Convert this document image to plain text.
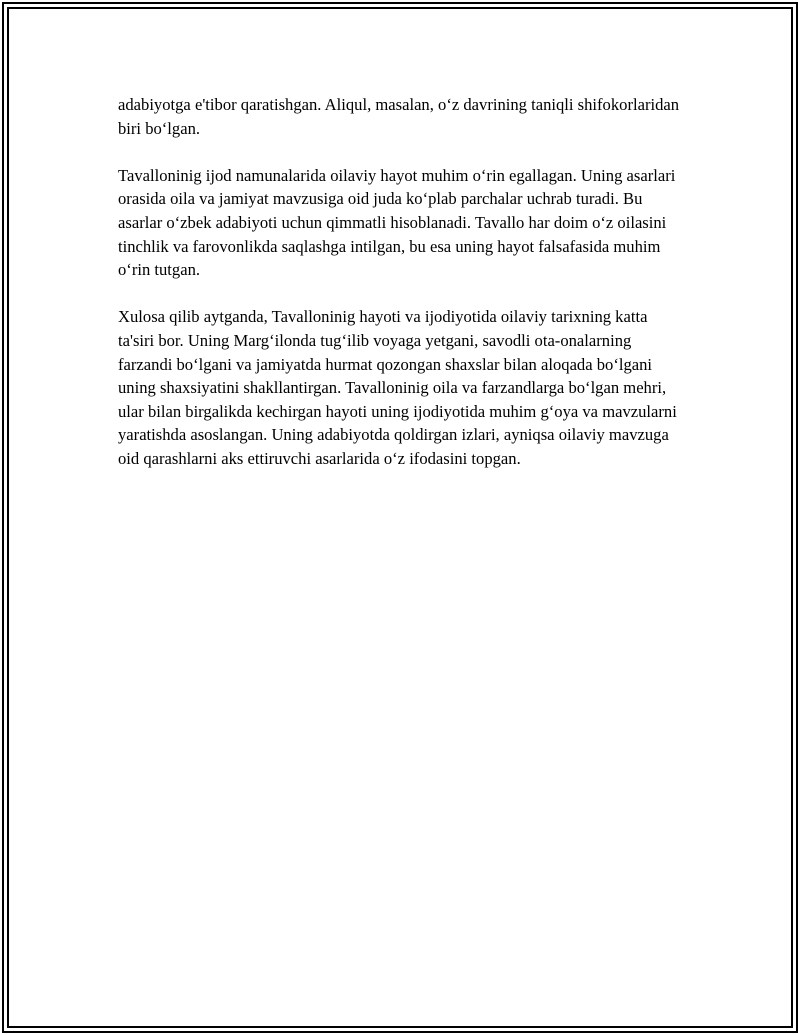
adabiyotga e'tibor qaratishgan. Aliqul, masalan, o‘z davrining taniqli shifokorlaridan biri bo‘lgan.

Tavalloninig ijod namunalarida oilaviy hayot muhim o‘rin egallagan. Uning asarlari orasida oila va jamiyat mavzusiga oid juda ko‘plab parchalar uchrab turadi. Bu asarlar o‘zbek adabiyoti uchun qimmatli hisoblanadi. Tavallo har doim o‘z oilasini tinchlik va farovonlikda saqlashga intilgan, bu esa uning hayot falsafasida muhim o‘rin tutgan.

Xulosa qilib aytganda, Tavalloninig hayoti va ijodiyotida oilaviy tarixning katta ta'siri bor. Uning Marg‘ilonda tug‘ilib voyaga yetgani, savodli ota-onalarning farzandi bo‘lgani va jamiyatda hurmat qozongan shaxslar bilan aloqada bo‘lgani uning shaxsiyatini shakllantirgan. Tavalloninig oila va farzandlarga bo‘lgan mehri, ular bilan birgalikda kechirgan hayoti uning ijodiyotida muhim g‘oya va mavzularni yaratishda asoslangan. Uning adabiyotda qoldirgan izlari, ayniqsa oilaviy mavzuga oid qarashlarni aks ettiruvchi asarlarida o‘z ifodasini topgan.
